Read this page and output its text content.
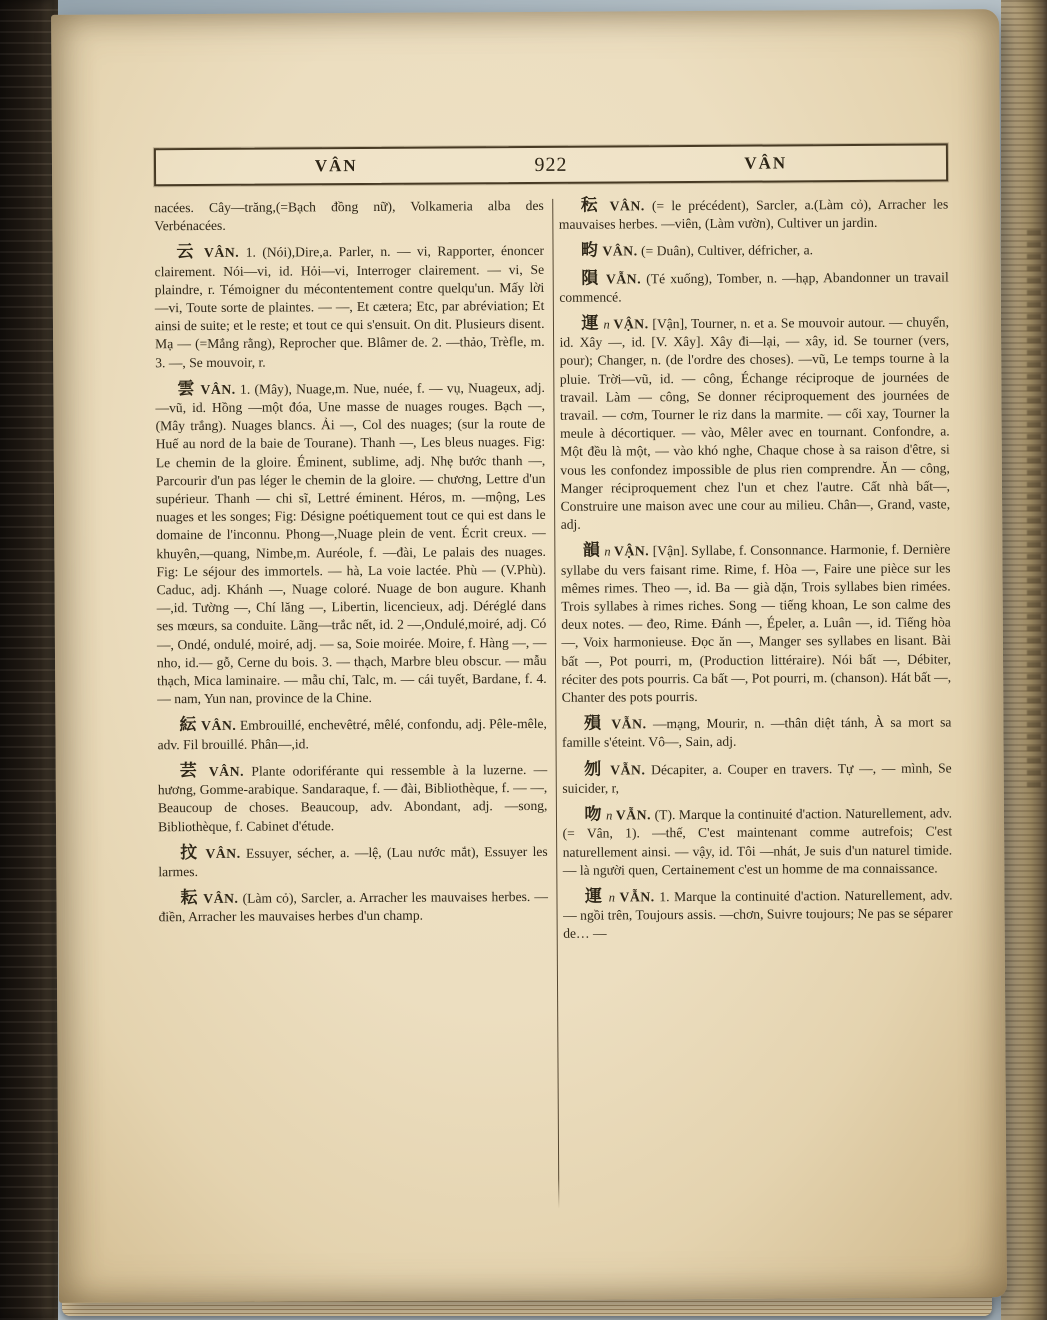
VÂN	922	VÂN

nacées. Cây—trăng,(=Bạch đồng nữ), Volkameria alba des Verbénacées.

云 VÂN. 1. (Nói),Dire,a. Parler, n. — vi, Rapporter, énoncer clairement. Nói—vi, id. Hỏi—vi, Interroger clairement. — vi, Se plaindre, r. Témoigner du mécontentement contre quelqu'un. Mấy lời —vi, Toute sorte de plaintes. — —, Et cætera; Etc, par abréviation; Et ainsi de suite; et le reste; et tout ce qui s'ensuit. On dit. Plusieurs disent. Mạ — (=Mắng rằng), Reprocher que. Blâmer de. 2. —thảo, Trèfle, m. 3. —, Se mouvoir, r.

雲 VÂN. 1. (Mây), Nuage,m. Nue, nuée, f. — vụ, Nuageux, adj. —vũ, id. Hồng —một đóa, Une masse de nuages rouges. Bạch —,(Mây trắng). Nuages blancs. Ải —, Col des nuages; (sur la route de Huế au nord de la baie de Tourane). Thanh —, Les bleus nuages. Fig: Le chemin de la gloire. Éminent, sublime, adj. Nhẹ bước thanh —, Parcourir d'un pas léger le chemin de la gloire. — chương, Lettre d'un supérieur. Thanh — chi sĩ, Lettré éminent. Héros, m. —mộng, Les nuages et les songes; Fig: Désigne poétiquement tout ce qui est dans le domaine de l'inconnu. Phong—,Nuage plein de vent. Écrit creux. —khuyên,—quang, Nimbe,m. Auréole, f. —đài, Le palais des nuages. Fig: Le séjour des immortels. — hà, La voie lactée. Phù — (V.Phù). Caduc, adj. Khánh —, Nuage coloré. Nuage de bon augure. Khanh—,id. Tường —, Chí lăng —, Libertin, licencieux, adj. Déréglé dans ses mœurs, sa conduite. Lãng—trắc nết, id. 2 —,Ondulé,moiré, adj. Có —, Ondé, ondulé, moiré, adj. — sa, Soie moirée. Moire, f. Hàng —, — nho, id.— gỗ, Cerne du bois. 3. — thạch, Marbre bleu obscur. — mẫu thạch, Mica laminaire. — mẫu chỉ, Talc, m. — cái tuyết, Bardane, f. 4. — nam, Yun nan, province de la Chine.

紜 VÂN. Embrouillé, enchevêtré, mêlé, confondu, adj. Pêle-mêle, adv. Fil brouillé. Phân—,id.

芸 VÂN. Plante odoriférante qui ressemble à la luzerne. — hương, Gomme-arabique. Sandaraque, f. — đài, Bibliothèque, f. — —, Beaucoup de choses. Beaucoup, adv. Abondant, adj. —song, Bibliothèque, f. Cabinet d'étude.

抆 VÂN. Essuyer, sécher, a. —lệ, (Lau nước mắt), Essuyer les larmes.

耘 VÂN. (Làm cỏ), Sarcler, a. Arracher les mauvaises herbes. —điền, Arracher les mauvaises herbes d'un champ.

秐 VÂN. (= le précédent), Sarcler, a.(Làm cỏ), Arracher les mauvaises herbes. —viên, (Làm vườn), Cultiver un jardin.

畇 VÂN. (= Duân), Cultiver, défricher, a.

隕 VẪN. (Té xuống), Tomber, n. —hạp, Abandonner un travail commencé.

運 n VẬN. [Vận], Tourner, n. et a. Se mouvoir autour. — chuyển, id. Xây —, id. [V. Xây]. Xây đi—lại, — xây, id. Se tourner (vers, pour); Changer, n. (de l'ordre des choses). —vũ, Le temps tourne à la pluie. Trời—vũ, id. — công, Échange réciproque de journées de travail. Làm — công, Se donner réciproquement des journées de travail. — cơm, Tourner le riz dans la marmite. — cối xay, Tourner la meule à décortiquer. — vào, Mêler avec en tournant. Confondre, a. Một đều là một, — vào khó nghe, Chaque chose à sa raison d'être, si vous les confondez impossible de plus rien comprendre. Ăn — công, Manger réciproquement chez l'un et chez l'autre. Cất nhà bất—, Construire une maison avec une cour au milieu. Chân—, Grand, vaste, adj.

韻 n VẬN. [Vận]. Syllabe, f. Consonnance. Harmonie, f. Dernière syllabe du vers faisant rime. Rime, f. Hòa —, Faire une pièce sur les mêmes rimes. Theo —, id. Ba — già dặn, Trois syllabes bien rimées. Trois syllabes à rimes riches. Song — tiếng khoan, Le son calme des deux notes. — đeo, Rime. Đánh —, Épeler, a. Luân —, id. Tiếng hòa —, Voix harmonieuse. Đọc ăn —, Manger ses syllabes en lisant. Bài bất —, Pot pourri, m, (Production littéraire). Nói bất —, Débiter, réciter des pots pourris. Ca bất —, Pot pourri, m. (chanson). Hát bất —, Chanter des pots pourris.

殞 VẪN. —mạng, Mourir, n. —thân diệt tánh, À sa mort sa famille s'éteint. Vô—, Sain, adj.

刎 VẪN. Décapiter, a. Couper en travers. Tự —, — mình, Se suicider, r,

吻 n VẪN. (T). Marque la continuité d'action. Naturellement, adv. (= Vân, 1). —thế, C'est maintenant comme autrefois; C'est naturellement ainsi. — vậy, id. Tôi —nhát, Je suis d'un naturel timide. — là người quen, Certainement c'est un homme de ma connaissance.

運 n VẪN. 1. Marque la continuité d'action. Naturellement, adv. — ngồi trên, Toujours assis. —chơn, Suivre toujours; Ne pas se séparer de… —
